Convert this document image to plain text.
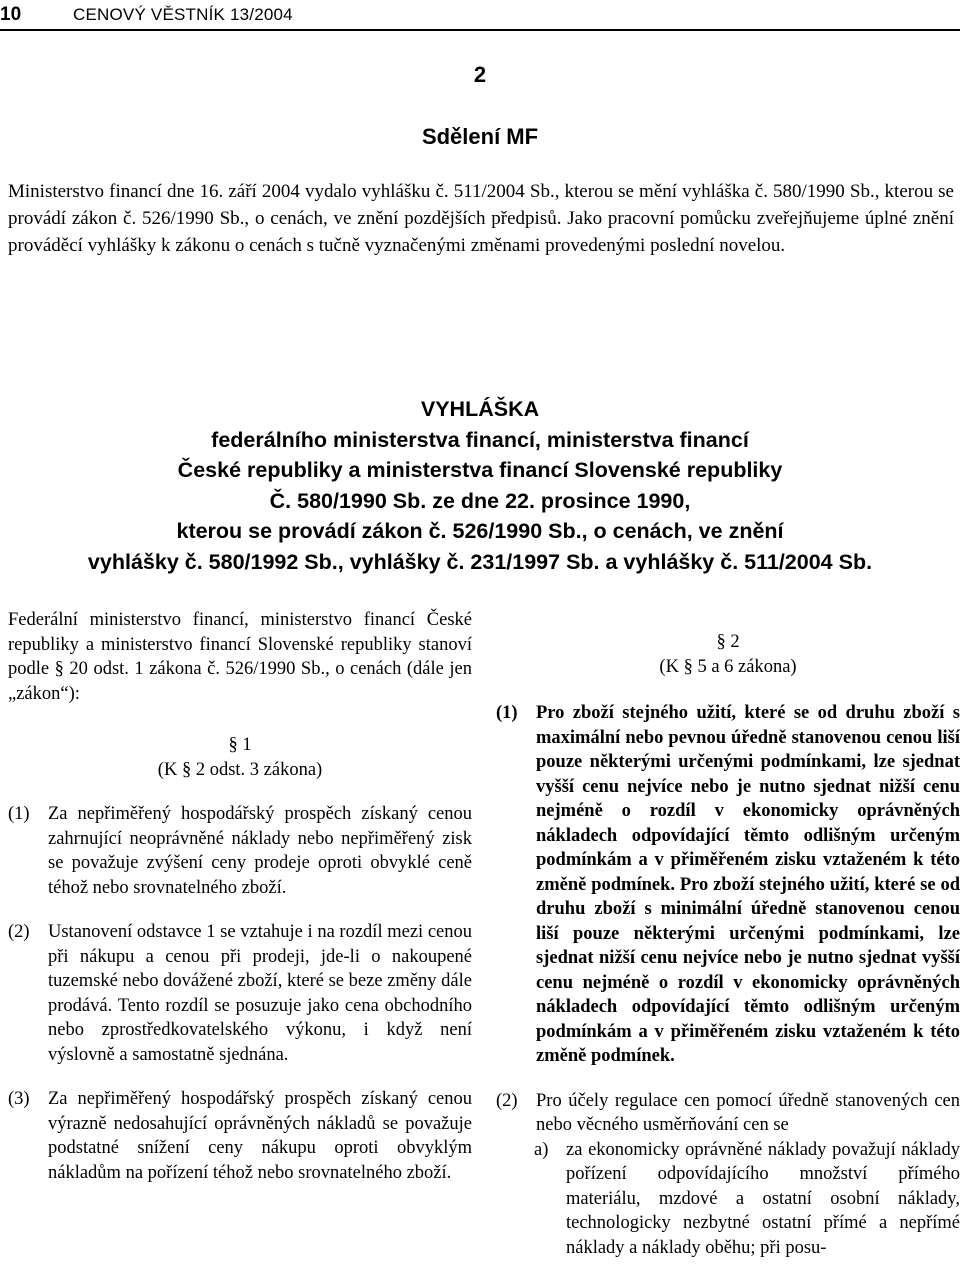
10	CENOVÝ VĚSTNÍK 13/2004
2
Sdělení MF

Ministerstvo financí dne 16. září 2004 vydalo vyhlášku č. 511/2004 Sb., kterou se mění vyhláška č. 580/1990 Sb., kterou se provádí zákon č. 526/1990 Sb., o cenách, ve znění pozdějších předpisů. Jako pracovní pomůcku zveřejňujeme úplné znění prováděcí vyhlášky k zákonu o cenách s tučně vyznačenými změnami provedenými poslední novelou.

VYHLÁŠKA
federálního ministerstva financí, ministerstva financí
České republiky a ministerstva financí Slovenské republiky
Č. 580/1990 Sb. ze dne 22. prosince 1990,
kterou se provádí zákon č. 526/1990 Sb., o cenách, ve znění
vyhlášky č. 580/1992 Sb., vyhlášky č. 231/1997 Sb. a vyhlášky č. 511/2004 Sb.

Federální ministerstvo financí, ministerstvo financí České republiky a ministerstvo financí Slovenské republiky stanoví podle § 20 odst. 1 zákona č. 526/1990 Sb., o cenách (dále jen „zákon“):

§ 1

(K § 2 odst. 3 zákona)

(1) Za nepřiměřený hospodářský prospěch získaný cenou zahrnující neoprávněné náklady nebo nepřiměřený zisk se považuje zvýšení ceny prodeje oproti obvyklé ceně téhož nebo srovnatelného zboží.
(2) Ustanovení odstavce 1 se vztahuje i na rozdíl mezi cenou při nákupu a cenou při prodeji, jde-li o nakoupené tuzemské nebo dovážené zboží, které se beze změny dále prodává. Tento rozdíl se posuzuje jako cena obchodního nebo zprostředkovatelského výkonu, i když není výslovně a samostatně sjednána.
(3) Za nepřiměřený hospodářský prospěch získaný cenou výrazně nedosahující oprávněných nákladů se považuje podstatné snížení ceny nákupu oproti obvyklým nákladům na pořízení téhož nebo srovnatelného zboží.

§ 2

(K § 5 a 6 zákona)

(1) Pro zboží stejného užití, které se od druhu zboží s maximální nebo pevnou úředně stanovenou cenou liší pouze některými určenými podmínkami, lze sjednat vyšší cenu nejvíce nebo je nutno sjednat nižší cenu nejméně o rozdíl v ekonomicky oprávněných nákladech odpovídající těmto odlišným určeným podmínkám a v přiměřeném zisku vztaženém k této změně podmínek. Pro zboží stejného užití, které se od druhu zboží s minimální úředně stanovenou cenou liší pouze některými určenými podmínkami, lze sjednat nižší cenu nejvíce nebo je nutno sjednat vyšší cenu nejméně o rozdíl v ekonomicky oprávněných nákladech odpovídající těmto odlišným určeným podmínkám a v přiměřeném zisku vztaženém k této změně podmínek.
(2) Pro účely regulace cen pomocí úředně stanovených cen nebo věcného usměrňování cen se
a) za ekonomicky oprávněné náklady považují náklady pořízení odpovídajícího množství přímého materiálu, mzdové a ostatní osobní náklady, technologicky nezbytné ostatní přímé a nepřímé náklady a náklady oběhu; při posu-
